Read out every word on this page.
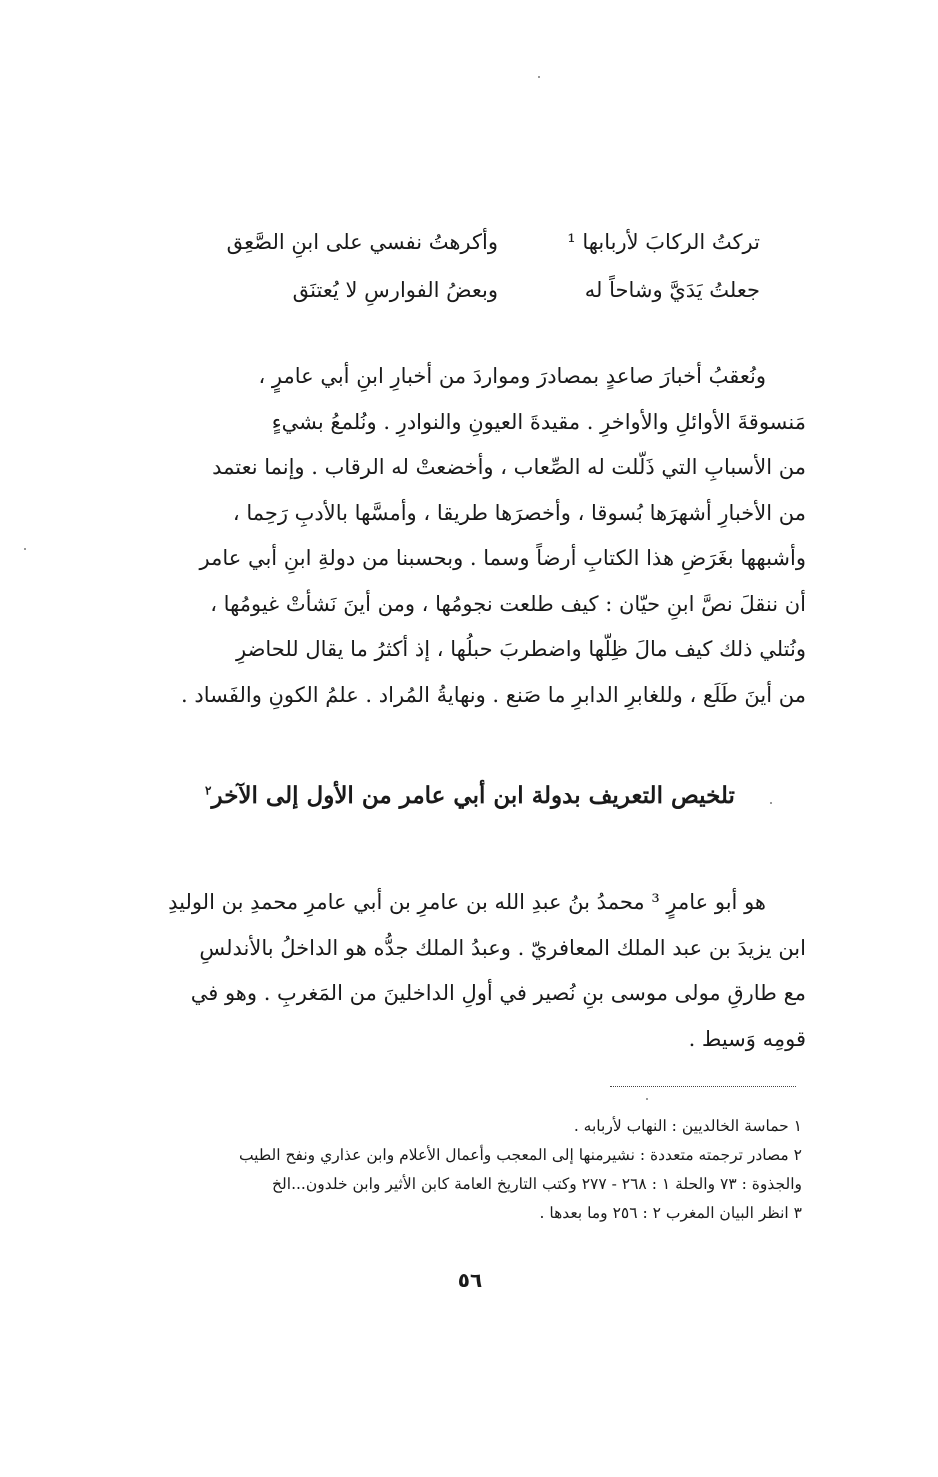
تركتُ الركابَ لأربابها ¹
وأكرهتُ نفسي على ابنِ الصَّعِق
جعلتُ يَدَيَّ وشاحاً له
وبعضُ الفوارسِ لا يُعتنَق

ونُعقبُ أخبارَ صاعدٍ بمصادرَ ومواردَ من أخبارِ ابنِ أبي عامرٍ ،

مَنسوقةَ الأوائلِ والأواخرِ . مقيدةَ العيونِ والنوادرِ . ونُلمعُ بشيءٍ

من الأسبابِ التي ذَلّلت له الصِّعاب ، وأخضعتْ له الرقاب . وإنما نعتمد

من الأخبارِ أشهرَها بُسوقا ، وأخصرَها طريقا ، وأمسَّها بالأدبِ رَحِما ،

وأشبهها بغَرَضِ هذا الكتابِ أرضاً وسما . وبحسبنا من دولةِ ابنِ أبي عامر

أن ننقلَ نصَّ ابنِ حيّان : كيف طلعت نجومُها ، ومن أينَ نَشأتْ غيومُها ،

ونُتلي ذلك كيف مالَ ظِلّها واضطربَ حبلُها ، إذ أكثرُ ما يقال للحاضرِ

من أينَ طَلَع ، وللغابرِ الدابرِ ما صَنع . ونهايةُ المُراد . علمُ الكونِ والفَساد .

تلخيص التعريف بدولة ابن أبي عامر من الأول إلى الآخر$^٢$

هو أبو عامرٍ ³ محمدُ بنُ عبدِ الله بن عامرِ بن أبي عامرِ محمدِ بن الوليدِ

ابن يزيدَ بن عبد الملك المعافريّ . وعبدُ الملك جدُّه هو الداخلُ بالأندلسِ

مع طارقِ مولى موسى بنِ نُصير في أولِ الداخلينَ من المَغربِ . وهو في

قومِه وَسيط .

١ حماسة الخالديين : النهاب لأربابه .

٢ مصادر ترجمته متعددة : نشيرمنها إلى المعجب وأعمال الأعلام وابن عذاري ونفح الطيب

والجذوة : ٧٣ والحلة ١ : ٢٦٨ - ٢٧٧ وكتب التاريخ العامة كابن الأثير وابن خلدون...الخ

٣ انظر البيان المغرب ٢ : ٢٥٦ وما بعدها .

٥٦
